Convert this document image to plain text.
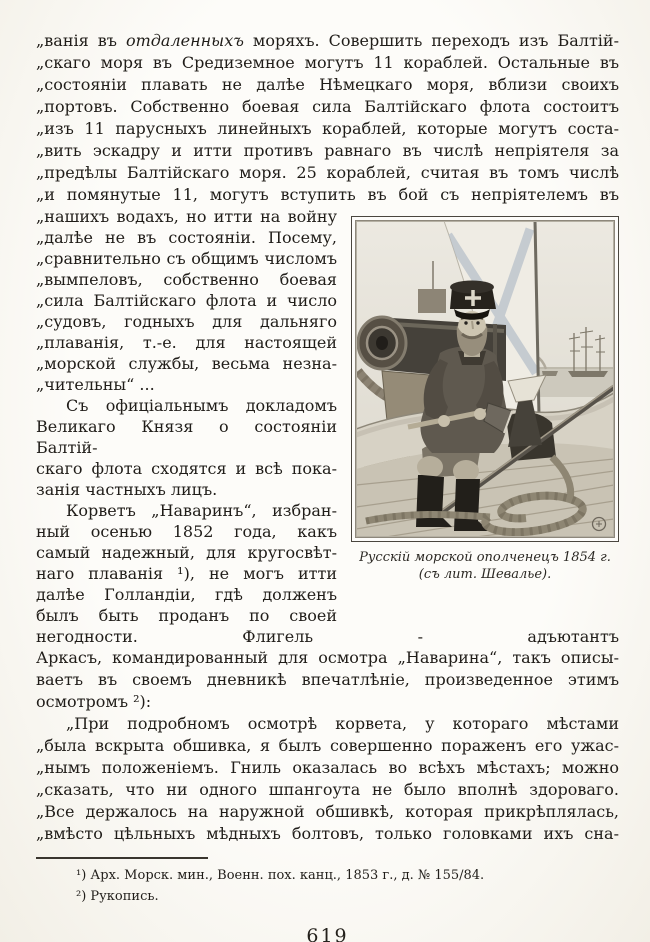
„ванія въ отдаленныхъ моряхъ. Совершить переходъ изъ Балтій-
„скаго моря въ Средиземное могутъ 11 кораблей. Остальные въ
„состояніи плавать не далѣе Нѣмецкаго моря, вблизи своихъ
„портовъ. Собственно боевая сила Балтійскаго флота состоитъ
„изъ 11 парусныхъ линейныхъ кораблей, которые могутъ соста-
„вить эскадру и итти противъ равнаго въ числѣ непріятеля за
„предѣлы Балтійскаго моря. 25 кораблей, считая въ томъ числѣ
„и помянутые 11, могутъ вступить въ бой съ непріятелемъ въ
Русскій морской ополченецъ 1854 г.
(съ лит. Шевалье).
„нашихъ водахъ, но итти на войну
„далѣе не въ состояніи. Посему,
„сравнительно съ общимъ числомъ
„вымпеловъ, собственно боевая
„сила Балтійскаго флота и число
„судовъ, годныхъ для дальняго
„плаванія, т.-е. для настоящей
„морской службы, весьма незна-
„чительны“ ...
Съ офиціальнымъ докладомъ
Великаго Князя о состояніи Балтій-
скаго флота сходятся и всѣ пока-
занія частныхъ лицъ.
Корветъ „Наваринъ“, избран-
ный осенью 1852 года, какъ
самый надежный, для кругосвѣт-
наго плаванія ¹), не могъ итти
далѣе Голландіи, гдѣ долженъ
былъ быть проданъ по своей
негодности. Флигель - адъютантъ
Аркасъ, командированный для осмотра „Наварина“, такъ описы-
ваетъ въ своемъ дневникѣ впечатлѣніе, произведенное этимъ
осмотромъ ²):
„При подробномъ осмотрѣ корвета, у котораго мѣстами
„была вскрыта обшивка, я былъ совершенно пораженъ его ужас-
„нымъ положеніемъ. Гниль оказалась во всѣхъ мѣстахъ; можно
„сказать, что ни одного шпангоута не было вполнѣ здороваго.
„Все держалось на наружной обшивкѣ, которая прикрѣплялась,
„вмѣсто цѣльныхъ мѣдныхъ болтовъ, только головками ихъ сна-
¹) Арх. Морск. мин., Военн. пох. канц., 1853 г., д. № 155/84.
²) Рукопись.
619
